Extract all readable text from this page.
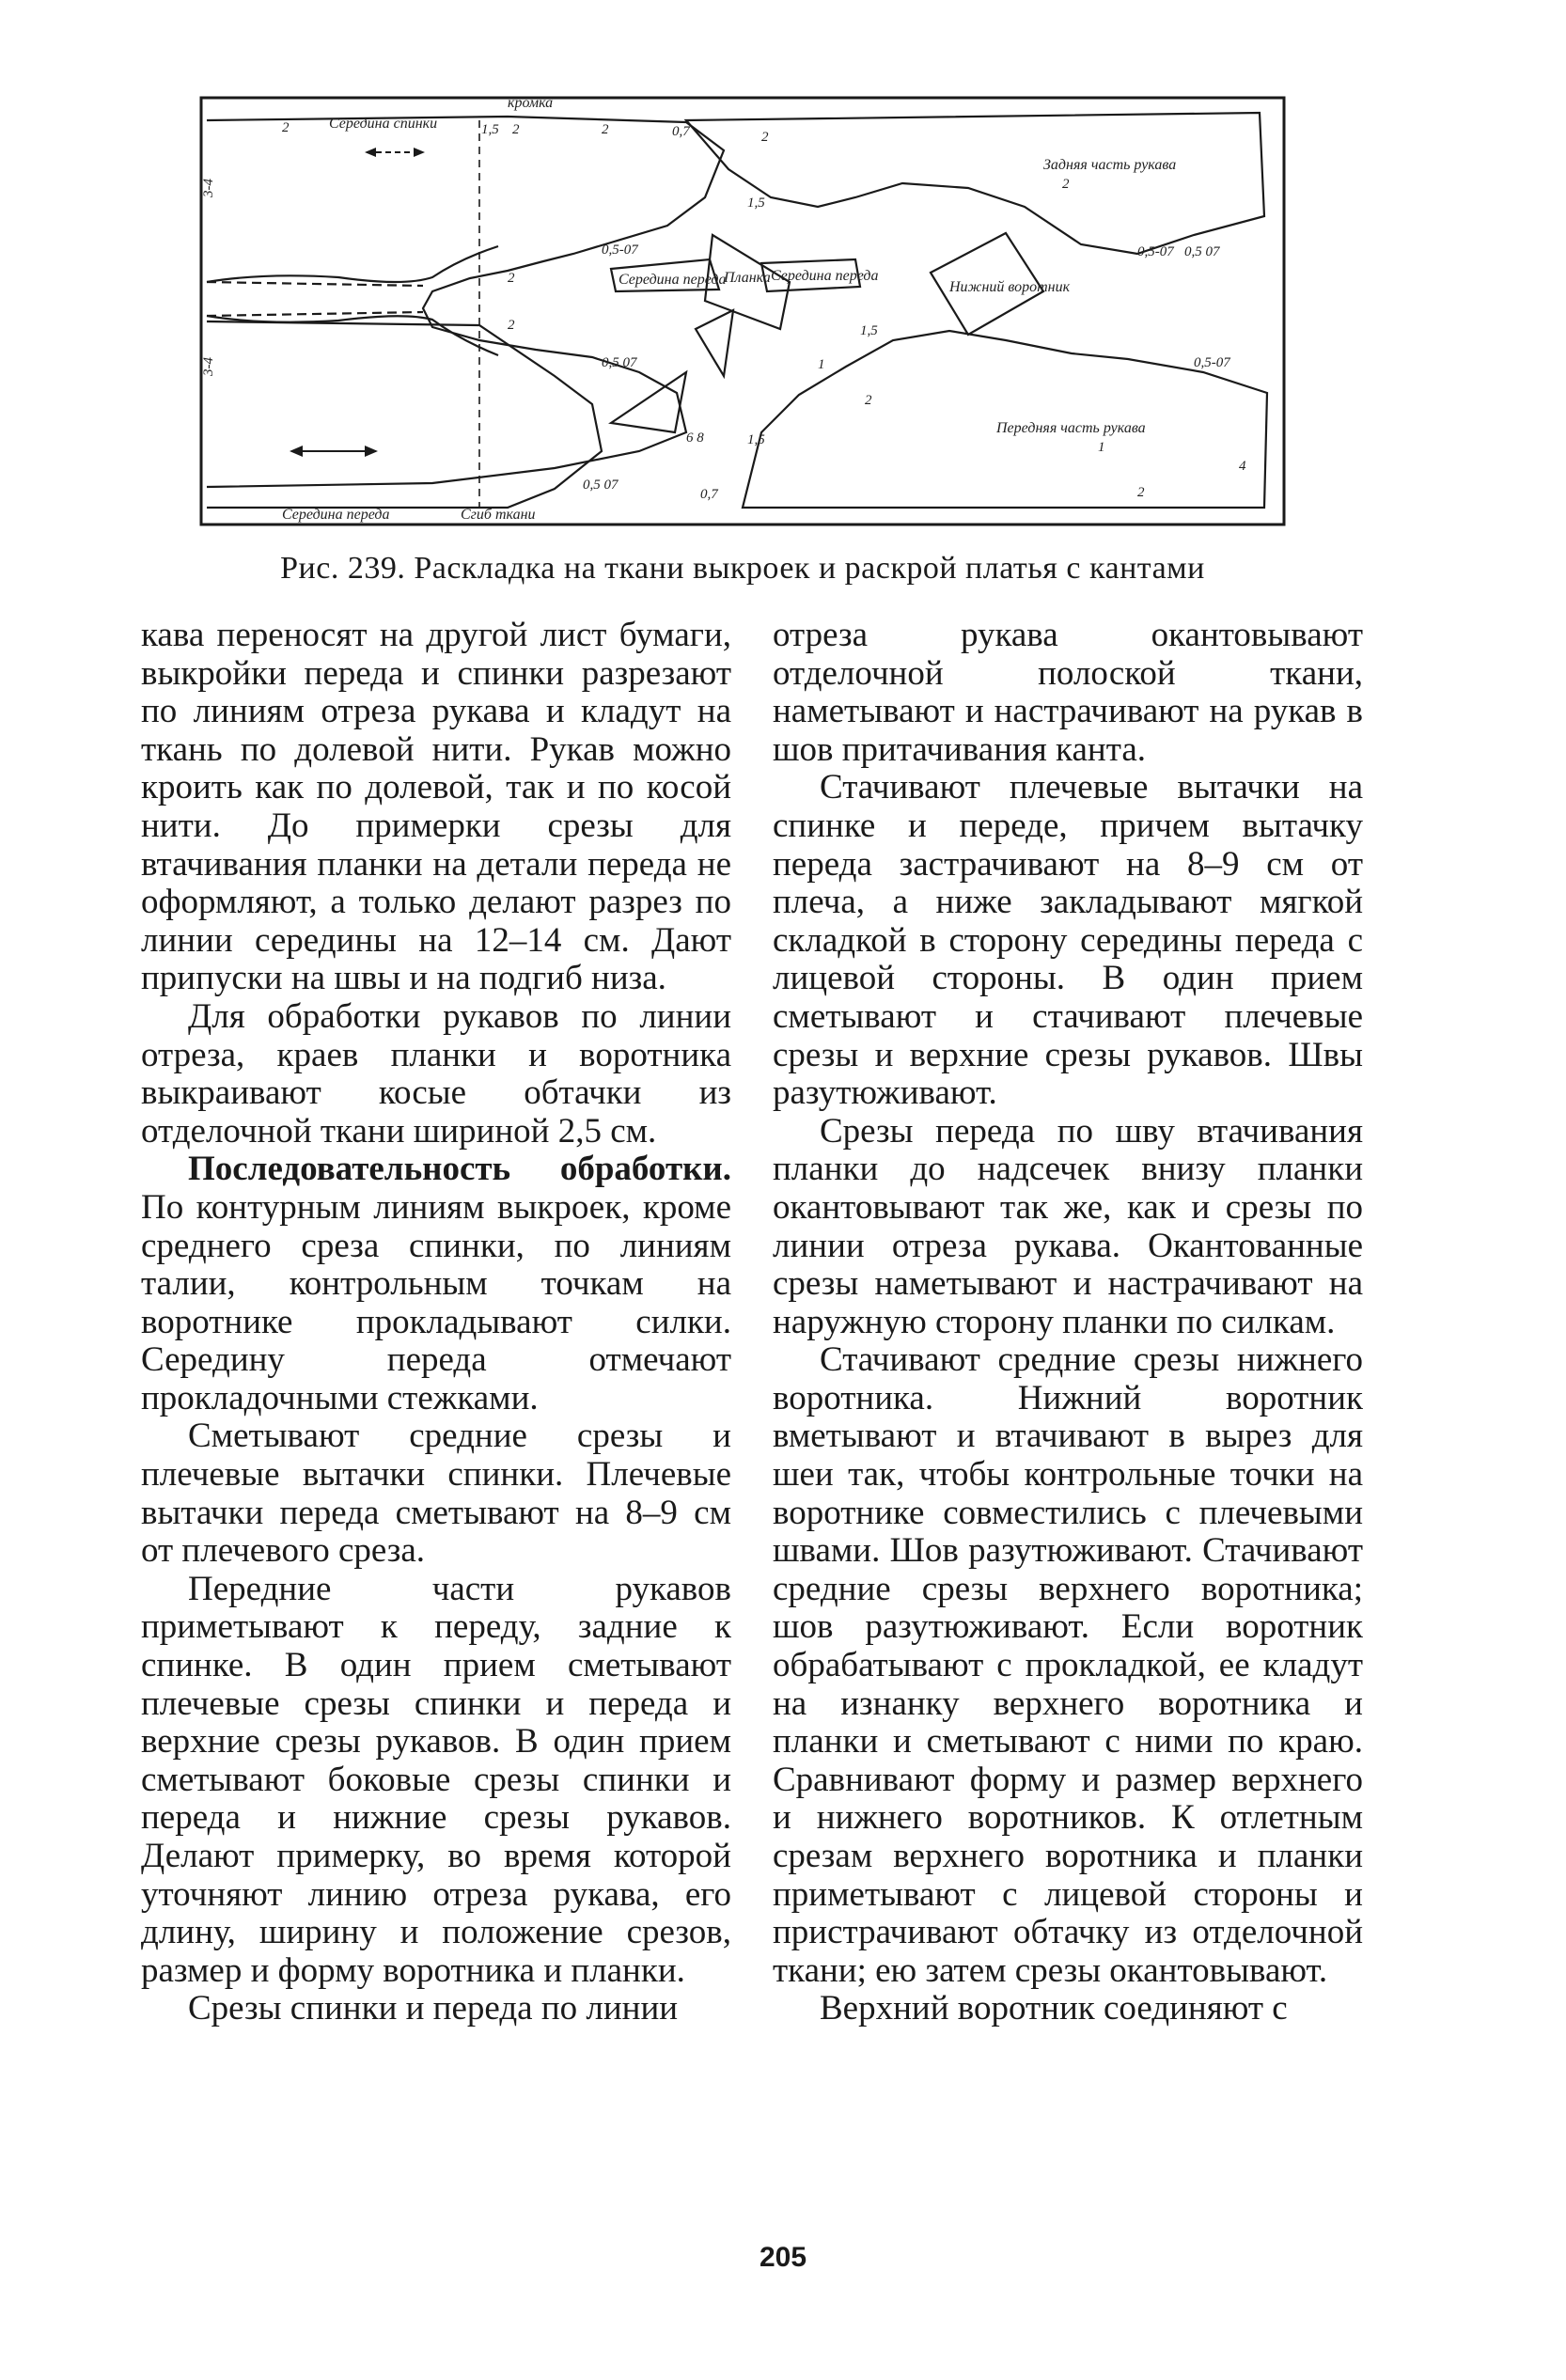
кромка
Середина спинки
Задняя часть рукава
Середина переда
Планка Середина переда
Нижний воротник
Передняя часть рукава
Середина переда	Сгиб ткани
2	1,5 2	2	0,7
1,5
2
0,5-07	0,5-07 0,5 07
3-4
3-4
2
2
0,5 07
1,5
1
6 8	1,5
2
4
0,5 07
0,7	2
1
0,5-07
2
Рис. 239. Раскладка на ткани выкроек и раскрой платья с кантами

кава переносят на другой лист бумаги, выкройки переда и спинки разрезают по линиям отреза рукава и кладут на ткань по долевой нити. Рукав можно кроить как по долевой, так и по косой нити. До примерки срезы для втачивания планки на детали переда не оформляют, а только делают разрез по линии середины на 12–14 см. Дают припуски на швы и на подгиб низа.

Для обработки рукавов по линии отреза, краев планки и воротника выкраивают косые обтачки из отделочной ткани шириной 2,5 см.

Последовательность обработки. По контурным линиям выкроек, кроме среднего среза спинки, по линиям талии, контрольным точкам на воротнике прокладывают силки. Середину переда отмечают прокладочными стежками.

Сметывают средние срезы и плечевые вытачки спинки. Плечевые вытачки переда сметывают на 8–9 см от плечевого среза.

Передние части рукавов приметывают к переду, задние к спинке. В один прием сметывают плечевые срезы спинки и переда и верхние срезы рукавов. В один прием сметывают боковые срезы спинки и переда и нижние срезы рукавов. Делают примерку, во время которой уточняют линию отреза рукава, его длину, ширину и положение срезов, размер и форму воротника и планки.

Срезы спинки и переда по линии

отреза рукава окантовывают отделочной полоской ткани, наметывают и настрачивают на рукав в шов притачивания канта.

Стачивают плечевые вытачки на спинке и переде, причем вытачку переда застрачивают на 8–9 см от плеча, а ниже закладывают мягкой складкой в сторону середины переда с лицевой стороны. В один прием сметывают и стачивают плечевые срезы и верхние срезы рукавов. Швы разутюживают.

Срезы переда по шву втачивания планки до надсечек внизу планки окантовывают так же, как и срезы по линии отреза рукава. Окантованные срезы наметывают и настрачивают на наружную сторону планки по силкам.

Стачивают средние срезы нижнего воротника. Нижний воротник вметывают и втачивают в вырез для шеи так, чтобы контрольные точки на воротнике совместились с плечевыми швами. Шов разутюживают. Стачивают средние срезы верхнего воротника; шов разутюживают. Если воротник обрабатывают с прокладкой, ее кладут на изнанку верхнего воротника и планки и сметывают с ними по краю. Сравнивают форму и размер верхнего и нижнего воротников. К отлетным срезам верхнего воротника и планки приметывают с лицевой стороны и пристрачивают обтачку из отделочной ткани; ею затем срезы окантовывают.

Верхний воротник соединяют с

205
